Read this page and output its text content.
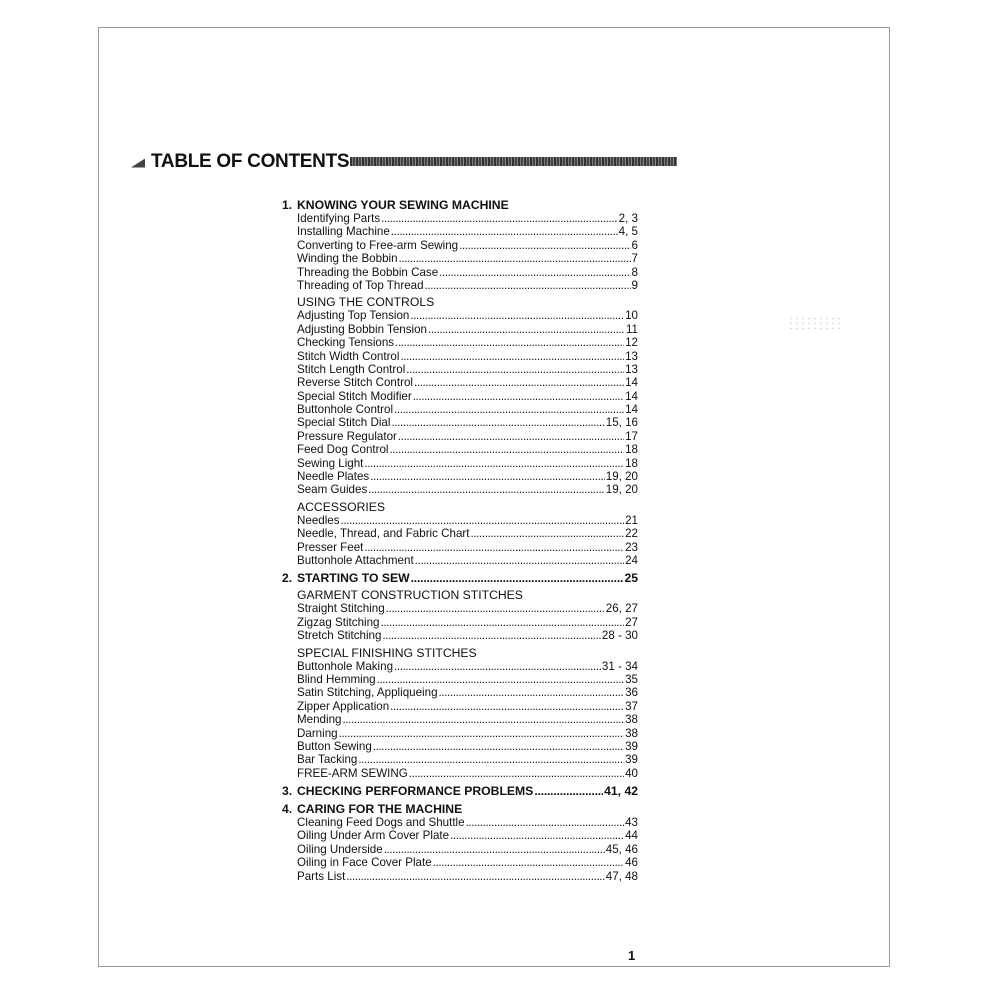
TABLE OF CONTENTS
1. KNOWING YOUR SEWING MACHINE
Identifying Parts . . .	2, 3
Installing Machine . . .	4, 5
Converting to Free-arm Sewing . . .	6
Winding the Bobbin . . .	7
Threading the Bobbin Case . . .	8
Threading of Top Thread . . .	9
USING THE CONTROLS
Adjusting Top Tension . . .	10
Adjusting Bobbin Tension . . .	11
Checking Tensions . . .	12
Stitch Width Control . . .	13
Stitch Length Control . . .	13
Reverse Stitch Control . . .	14
Special Stitch Modifier . . .	14
Buttonhole Control . . .	14
Special Stitch Dial . . .	15, 16
Pressure Regulator . . .	17
Feed Dog Control . . .	18
Sewing Light . . .	18
Needle Plates . . .	19, 20
Seam Guides . . .	19, 20
ACCESSORIES
Needles . . .	21
Needle, Thread, and Fabric Chart . . .	22
Presser Feet . . .	23
Buttonhole Attachment . . .	24
2. STARTING TO SEW . . .	25
GARMENT CONSTRUCTION STITCHES
Straight Stitching . . .	26, 27
Zigzag Stitching . . .	27
Stretch Stitching . . .	28 - 30
SPECIAL FINISHING STITCHES
Buttonhole Making . . .	31 - 34
Blind Hemming . . .	35
Satin Stitching, Appliqueing . . .	36
Zipper Application . . .	37
Mending . . .	38
Darning . . .	38
Button Sewing . . .	39
Bar Tacking . . .	39
FREE-ARM SEWING . . .	40
3. CHECKING PERFORMANCE PROBLEMS . . .	41, 42
4. CARING FOR THE MACHINE
Cleaning Feed Dogs and Shuttle . . .	43
Oiling Under Arm Cover Plate . . .	44
Oiling Underside . . .	45, 46
Oiling in Face Cover Plate . . .	46
Parts List . . .	47, 48
1
